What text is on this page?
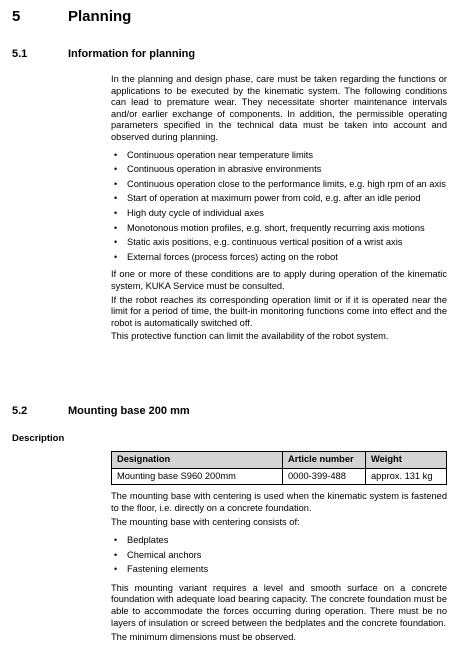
5	Planning
5.1	Information for planning

In the planning and design phase, care must be taken regarding the functions or applications to be executed by the kinematic system. The following conditions can lead to premature wear. They necessitate shorter maintenance intervals and/or earlier exchange of components. In addition, the permissible operating parameters specified in the technical data must be taken into account and observed during planning.

• Continuous operation near temperature limits
• Continuous operation in abrasive environments
• Continuous operation close to the performance limits, e.g. high rpm of an axis
• Start of operation at maximum power from cold, e.g. after an idle period
• High duty cycle of individual axes
• Monotonous motion profiles, e.g. short, frequently recurring axis motions
• Static axis positions, e.g. continuous vertical position of a wrist axis
• External forces (process forces) acting on the robot

If one or more of these conditions are to apply during operation of the kinematic system, KUKA Service must be consulted.

If the robot reaches its corresponding operation limit or if it is operated near the limit for a period of time, the built-in monitoring functions come into effect and the robot is automatically switched off.

This protective function can limit the availability of the robot system.

5.2	Mounting base 200 mm
Description
Designation	Article number	Weight
Mounting base S960 200mm	0000-399-488	approx. 131 kg

The mounting base with centering is used when the kinematic system is fastened to the floor, i.e. directly on a concrete foundation.

The mounting base with centering consists of:

• Bedplates
• Chemical anchors
• Fastening elements

This mounting variant requires a level and smooth surface on a concrete foundation with adequate load bearing capacity. The concrete foundation must be able to accommodate the forces occurring during operation. There must be no layers of insulation or screed between the bedplates and the concrete foundation.

The minimum dimensions must be observed.
